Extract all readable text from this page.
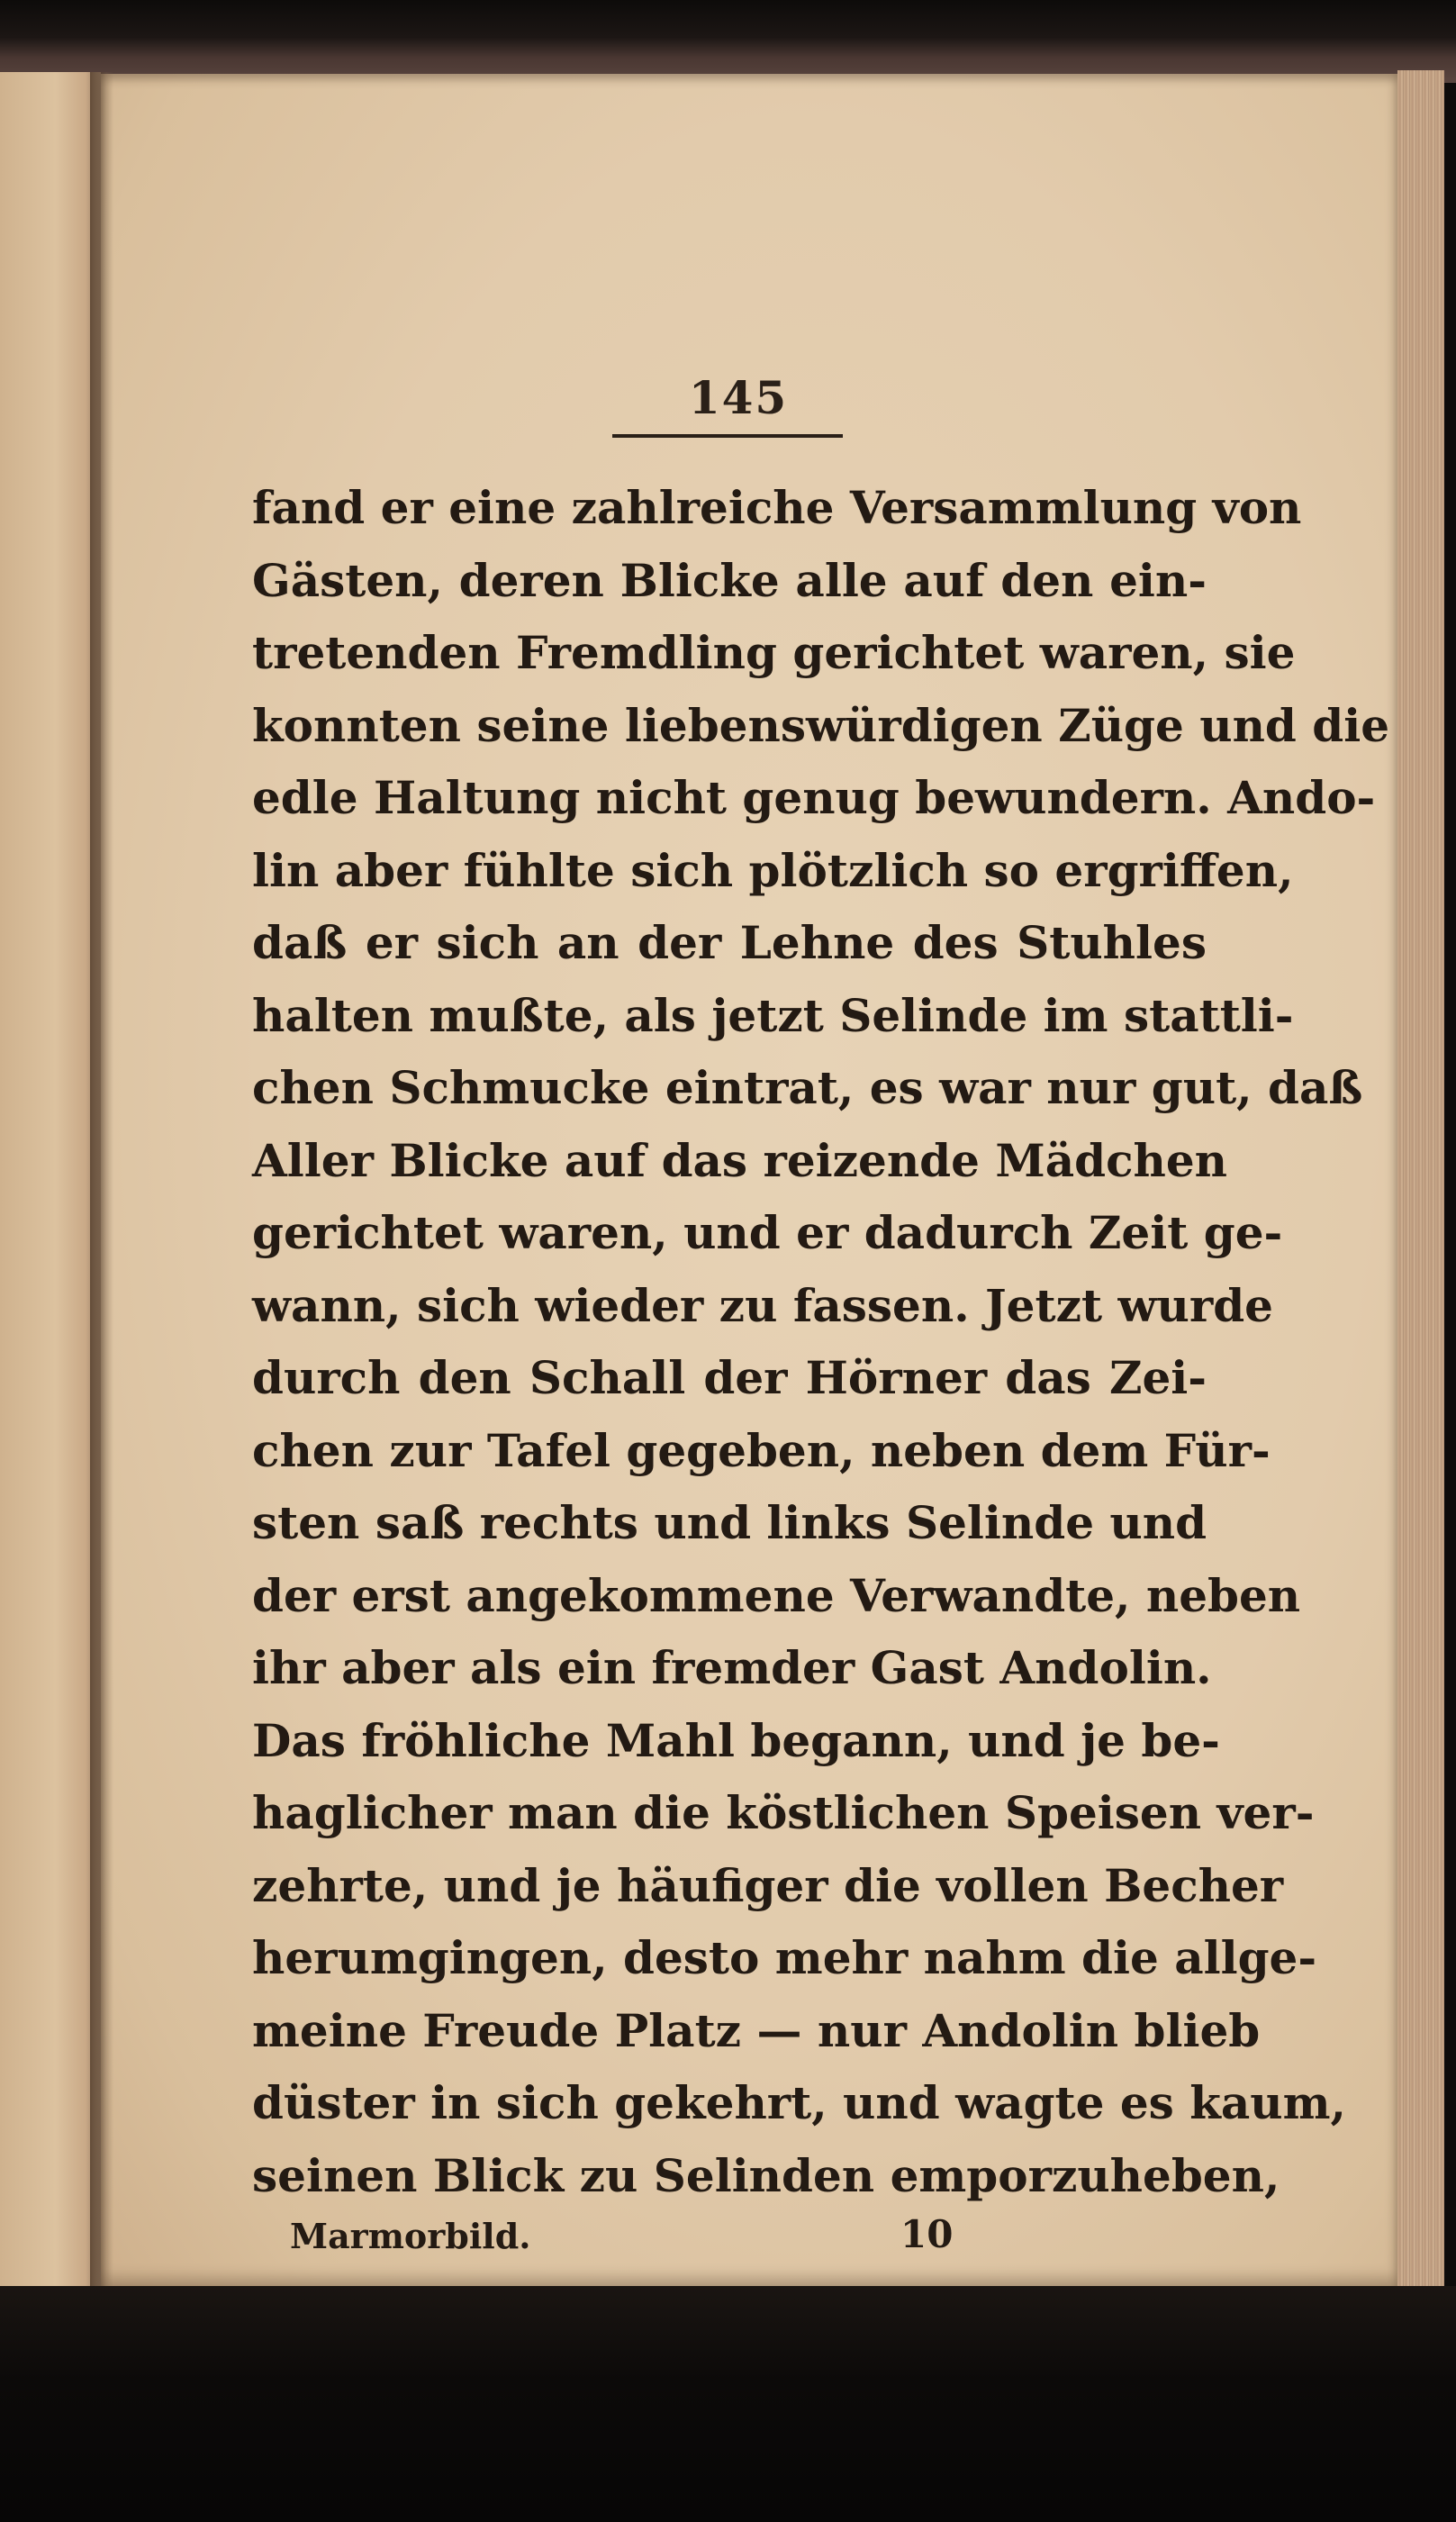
145
fand er eine zahlreiche Versammlung von
Gästen, deren Blicke alle auf den ein-
tretenden Fremdling gerichtet waren, sie
konnten seine liebenswürdigen Züge und die
edle Haltung nicht genug bewundern. Ando-
lin aber fühlte sich plötzlich so ergriffen,
daß er sich an der Lehne des Stuhles
halten mußte, als jetzt Selinde im stattli-
chen Schmucke eintrat, es war nur gut, daß
Aller Blicke auf das reizende Mädchen
gerichtet waren, und er dadurch Zeit ge-
wann, sich wieder zu fassen. Jetzt wurde
durch den Schall der Hörner das Zei-
chen zur Tafel gegeben, neben dem Für-
sten saß rechts und links Selinde und
der erst angekommene Verwandte, neben
ihr aber als ein fremder Gast Andolin.
Das fröhliche Mahl begann, und je be-
haglicher man die köstlichen Speisen ver-
zehrte, und je häufiger die vollen Becher
herumgingen, desto mehr nahm die allge-
meine Freude Platz — nur Andolin blieb
düster in sich gekehrt, und wagte es kaum,
seinen Blick zu Selinden emporzuheben,
Marmorbild.	10
